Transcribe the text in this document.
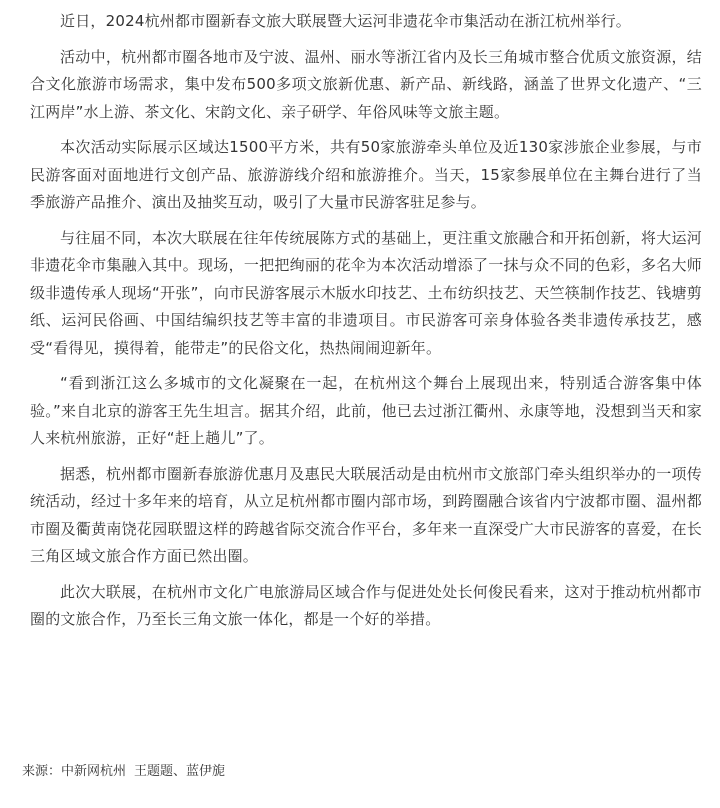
近日，2024杭州都市圈新春文旅大联展暨大运河非遗花伞市集活动在浙江杭州举行。

活动中，杭州都市圈各地市及宁波、温州、丽水等浙江省内及长三角城市整合优质文旅资源，结合文化旅游市场需求，集中发布500多项文旅新优惠、新产品、新线路，涵盖了世界文化遗产、“三江两岸”水上游、茶文化、宋韵文化、亲子研学、年俗风味等文旅主题。

本次活动实际展示区域达1500平方米，共有50家旅游牵头单位及近130家涉旅企业参展，与市民游客面对面地进行文创产品、旅游游线介绍和旅游推介。当天，15家参展单位在主舞台进行了当季旅游产品推介、演出及抽奖互动，吸引了大量市民游客驻足参与。

与往届不同，本次大联展在往年传统展陈方式的基础上，更注重文旅融合和开拓创新，将大运河非遗花伞市集融入其中。现场，一把把绚丽的花伞为本次活动增添了一抹与众不同的色彩，多名大师级非遗传承人现场“开张”，向市民游客展示木版水印技艺、土布纺织技艺、天竺筷制作技艺、钱塘剪纸、运河民俗画、中国结编织技艺等丰富的非遗项目。市民游客可亲身体验各类非遗传承技艺，感受“看得见，摸得着，能带走”的民俗文化，热热闹闹迎新年。

“看到浙江这么多城市的文化凝聚在一起，在杭州这个舞台上展现出来，特别适合游客集中体验。”来自北京的游客王先生坦言。据其介绍，此前，他已去过浙江衢州、永康等地，没想到当天和家人来杭州旅游，正好“赶上趟儿”了。

据悉，杭州都市圈新春旅游优惠月及惠民大联展活动是由杭州市文旅部门牵头组织举办的一项传统活动，经过十多年来的培育，从立足杭州都市圈内部市场，到跨圈融合该省内宁波都市圈、温州都市圈及衢黄南饶花园联盟这样的跨越省际交流合作平台，多年来一直深受广大市民游客的喜爱，在长三角区域文旅合作方面已然出圈。

此次大联展，在杭州市文化广电旅游局区域合作与促进处处长何俊民看来，这对于推动杭州都市圈的文旅合作，乃至长三角文旅一体化，都是一个好的举措。

来源：中新网杭州 王题题、蓝伊旎
